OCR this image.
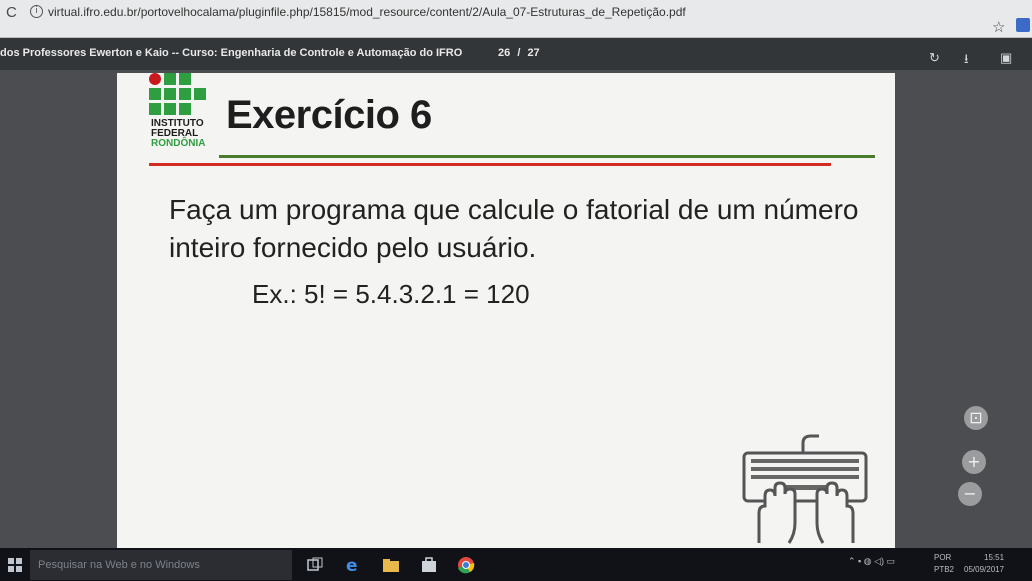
C	i virtual.ifro.edu.br/portovelhocalama/pluginfile.php/15815/mod_resource/content/2/Aula_07-Estruturas_de_Repetição.pdf
☆
dos Professores Ewerton e Kaio -- Curso: Engenharia de Controle e Automação do IFRO	26 / 27	↻ ⭳ ▣
INSTITUTO
FEDERAL
RONDÔNIA
Exercício 6
Faça um programa que calcule o fatorial de um número inteiro fornecido pelo usuário.
Ex.: 5! = 5.4.3.2.1 = 120
⊡
+
−
Pesquisar na Web e no Windows	⌃ ▪ ◍ ◁) ▭	POR
PTB2
15:51
05/09/2017
e
